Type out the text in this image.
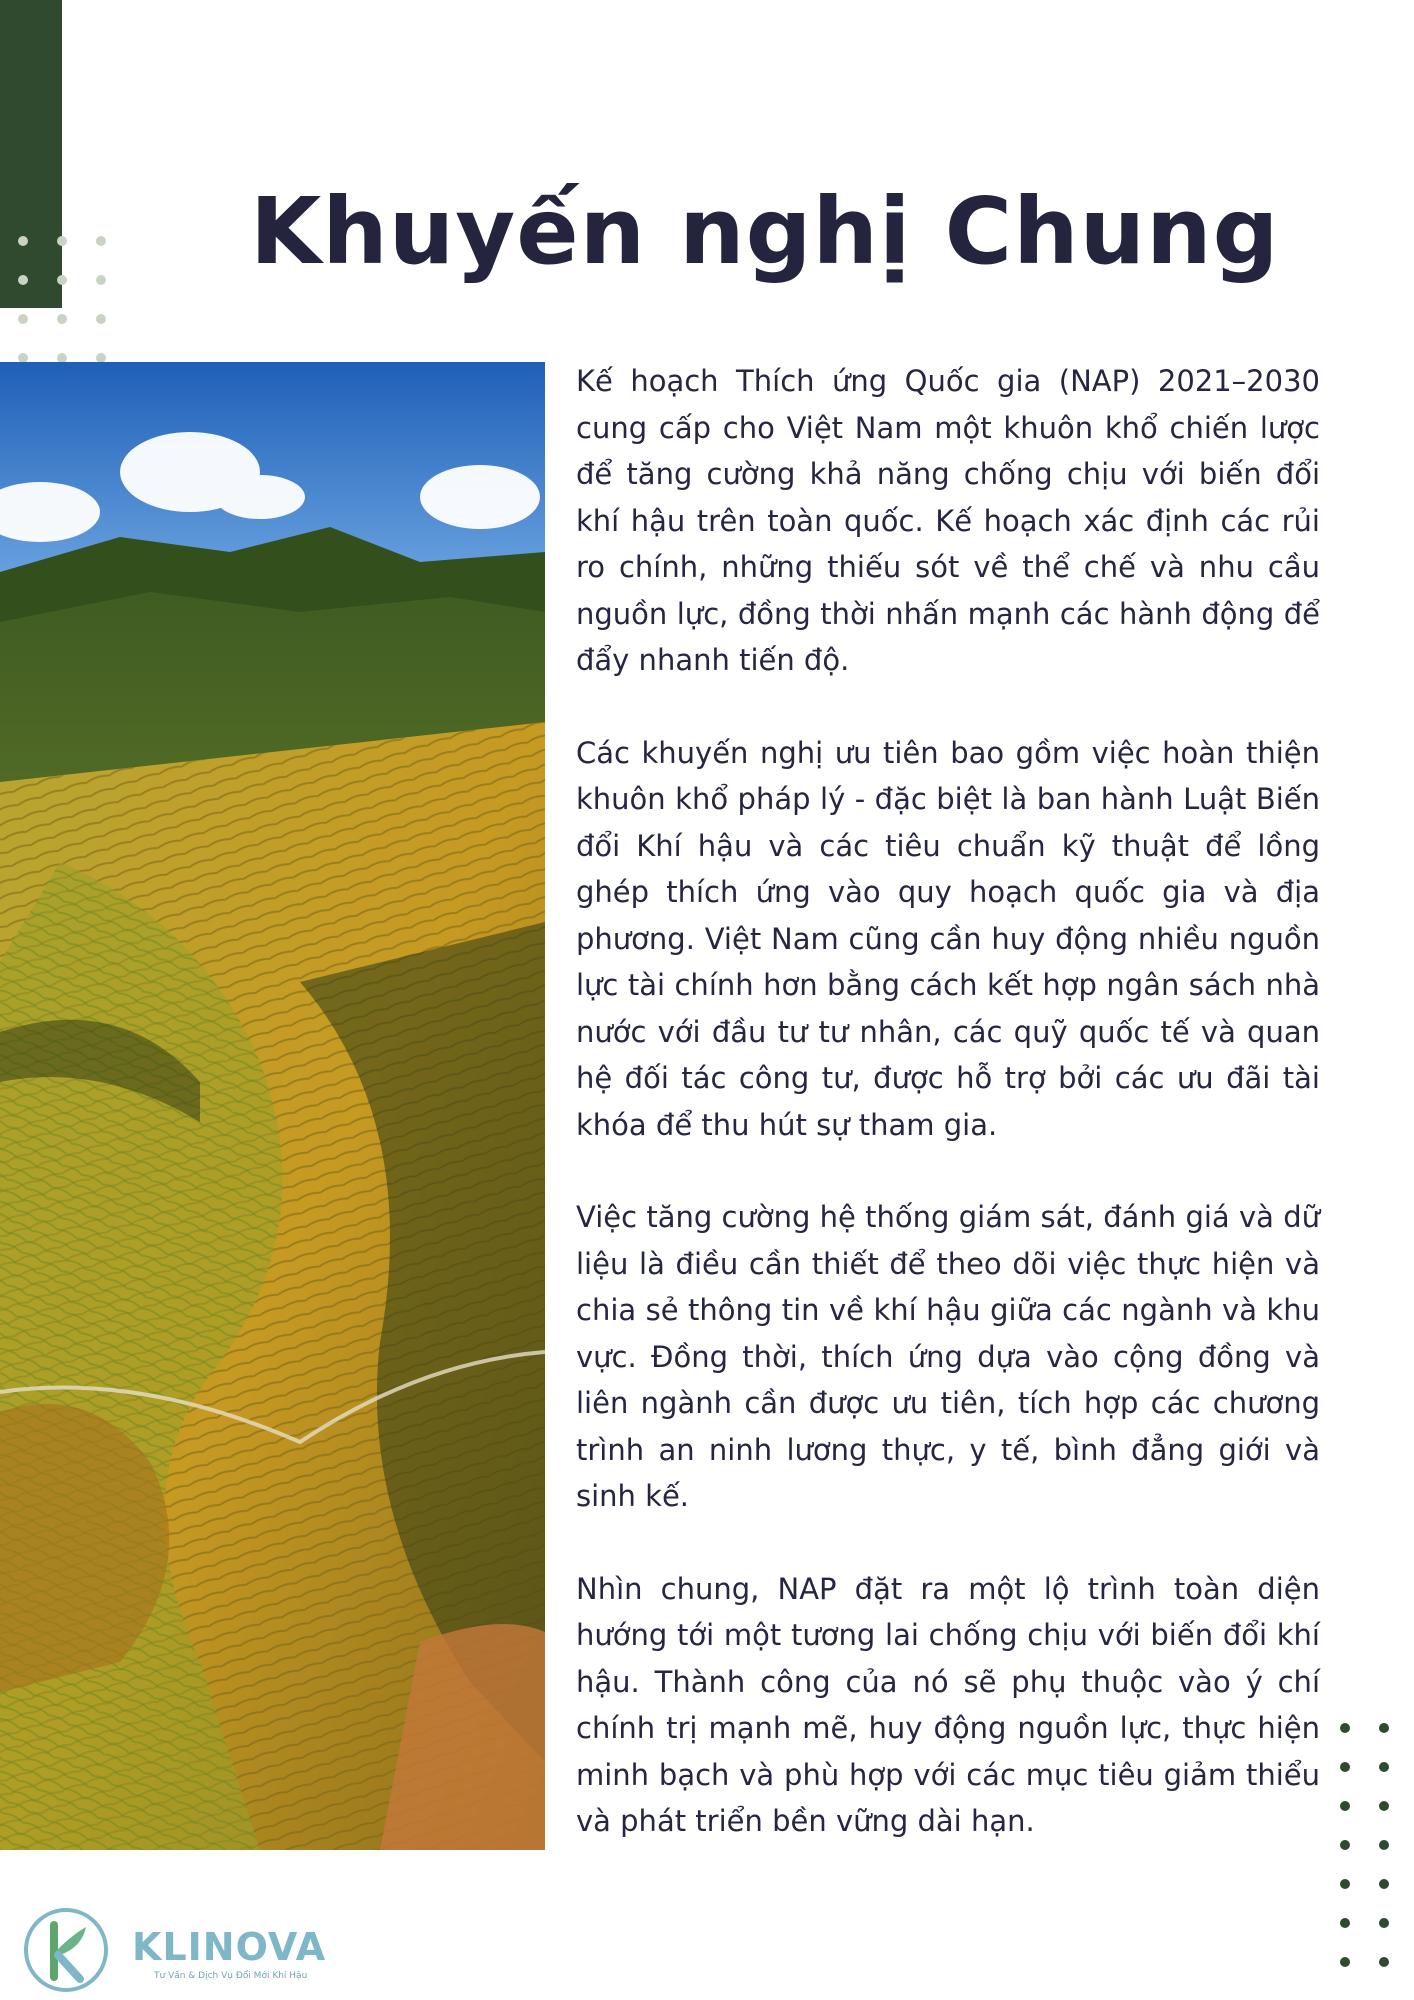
Khuyến nghị Chung

Kế hoạch Thích ứng Quốc gia (NAP) 2021–2030 cung cấp cho Việt Nam một khuôn khổ chiến lược để tăng cường khả năng chống chịu với biến đổi khí hậu trên toàn quốc. Kế hoạch xác định các rủi ro chính, những thiếu sót về thể chế và nhu cầu nguồn lực, đồng thời nhấn mạnh các hành động để đẩy nhanh tiến độ.

Các khuyến nghị ưu tiên bao gồm việc hoàn thiện khuôn khổ pháp lý - đặc biệt là ban hành Luật Biến đổi Khí hậu và các tiêu chuẩn kỹ thuật để lồng ghép thích ứng vào quy hoạch quốc gia và địa phương. Việt Nam cũng cần huy động nhiều nguồn lực tài chính hơn bằng cách kết hợp ngân sách nhà nước với đầu tư tư nhân, các quỹ quốc tế và quan hệ đối tác công tư, được hỗ trợ bởi các ưu đãi tài khóa để thu hút sự tham gia.

Việc tăng cường hệ thống giám sát, đánh giá và dữ liệu là điều cần thiết để theo dõi việc thực hiện và chia sẻ thông tin về khí hậu giữa các ngành và khu vực. Đồng thời, thích ứng dựa vào cộng đồng và liên ngành cần được ưu tiên, tích hợp các chương trình an ninh lương thực, y tế, bình đẳng giới và sinh kế.

Nhìn chung, NAP đặt ra một lộ trình toàn diện hướng tới một tương lai chống chịu với biến đổi khí hậu. Thành công của nó sẽ phụ thuộc vào ý chí chính trị mạnh mẽ, huy động nguồn lực, thực hiện minh bạch và phù hợp với các mục tiêu giảm thiểu và phát triển bền vững dài hạn.

KLINOVA
Tư Vấn & Dịch Vụ Đổi Mới Khí Hậu
